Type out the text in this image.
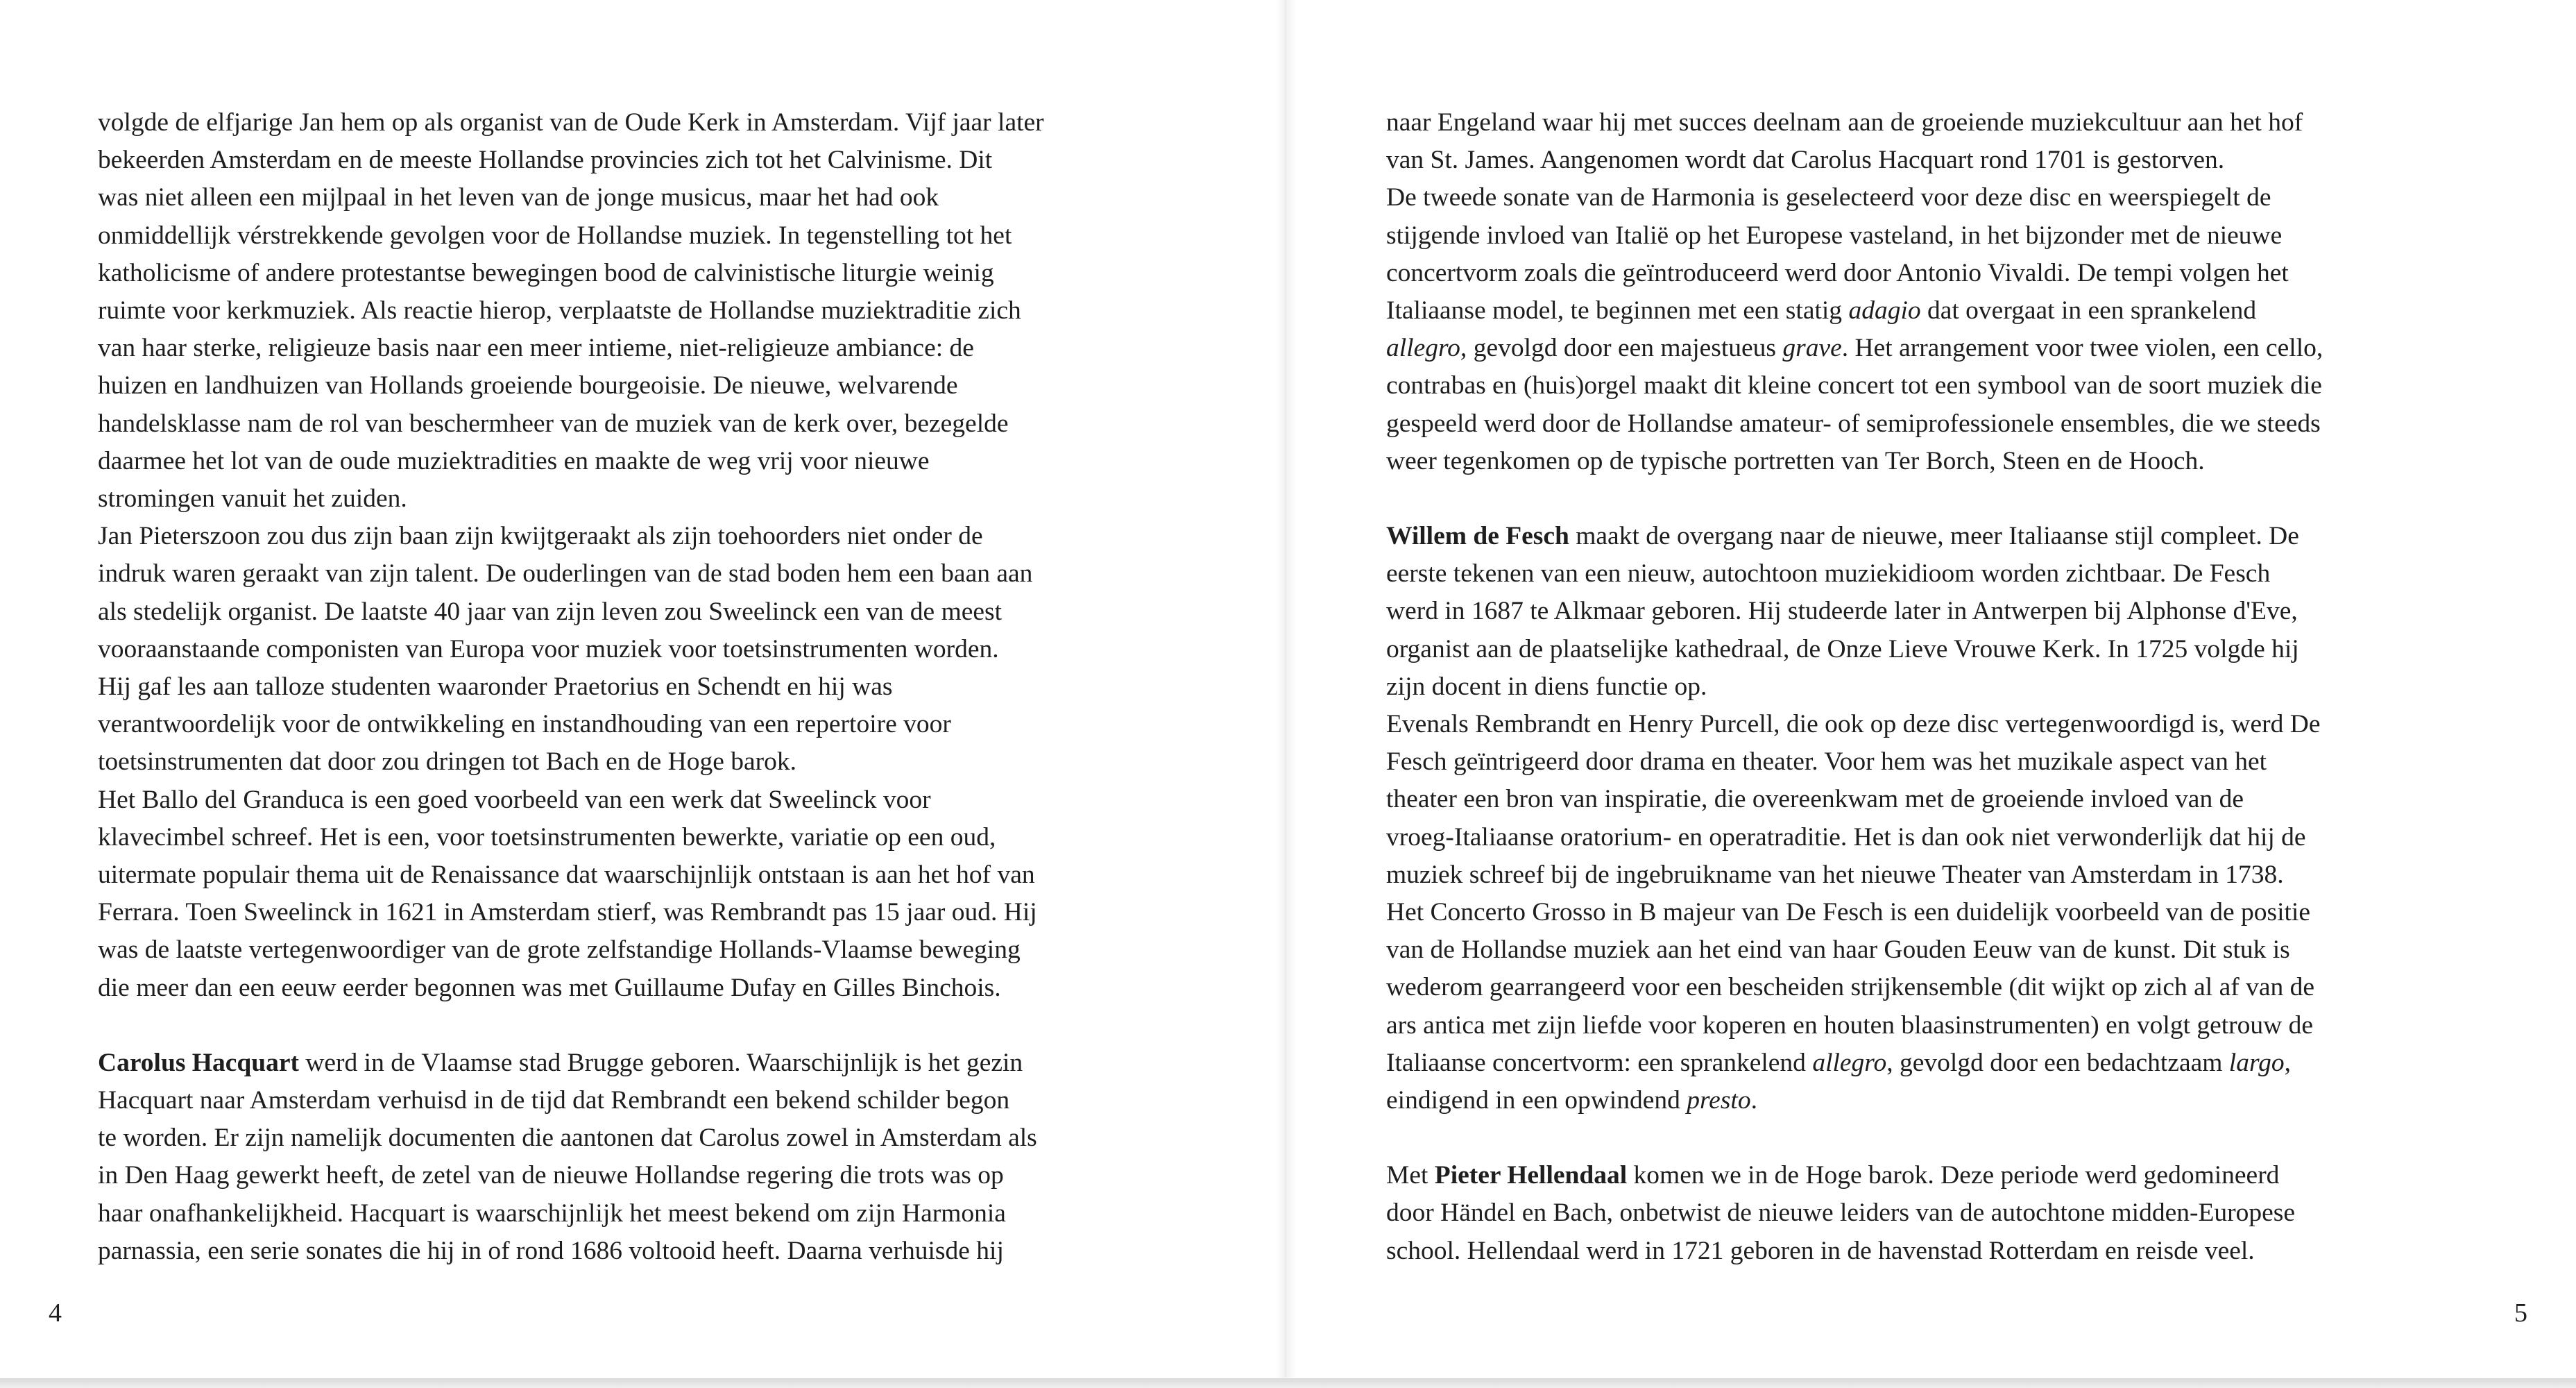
volgde de elfjarige Jan hem op als organist van de Oude Kerk in Amsterdam. Vijf jaar later
bekeerden Amsterdam en de meeste Hollandse provincies zich tot het Calvinisme. Dit
was niet alleen een mijlpaal in het leven van de jonge musicus, maar het had ook
onmiddellijk vérstrekkende gevolgen voor de Hollandse muziek. In tegenstelling tot het
katholicisme of andere protestantse bewegingen bood de calvinistische liturgie weinig
ruimte voor kerkmuziek. Als reactie hierop, verplaatste de Hollandse muziektraditie zich
van haar sterke, religieuze basis naar een meer intieme, niet-religieuze ambiance: de
huizen en landhuizen van Hollands groeiende bourgeoisie. De nieuwe, welvarende
handelsklasse nam de rol van beschermheer van de muziek van de kerk over, bezegelde
daarmee het lot van de oude muziektradities en maakte de weg vrij voor nieuwe
stromingen vanuit het zuiden.

Jan Pieterszoon zou dus zijn baan zijn kwijtgeraakt als zijn toehoorders niet onder de
indruk waren geraakt van zijn talent. De ouderlingen van de stad boden hem een baan aan
als stedelijk organist. De laatste 40 jaar van zijn leven zou Sweelinck een van de meest
vooraanstaande componisten van Europa voor muziek voor toetsinstrumenten worden.
Hij gaf les aan talloze studenten waaronder Praetorius en Schendt en hij was
verantwoordelijk voor de ontwikkeling en instandhouding van een repertoire voor
toetsinstrumenten dat door zou dringen tot Bach en de Hoge barok.

Het Ballo del Granduca is een goed voorbeeld van een werk dat Sweelinck voor
klavecimbel schreef. Het is een, voor toetsinstrumenten bewerkte, variatie op een oud,
uitermate populair thema uit de Renaissance dat waarschijnlijk ontstaan is aan het hof van
Ferrara. Toen Sweelinck in 1621 in Amsterdam stierf, was Rembrandt pas 15 jaar oud. Hij
was de laatste vertegenwoordiger van de grote zelfstandige Hollands-Vlaamse beweging
die meer dan een eeuw eerder begonnen was met Guillaume Dufay en Gilles Binchois.

Carolus Hacquart werd in de Vlaamse stad Brugge geboren. Waarschijnlijk is het gezin
Hacquart naar Amsterdam verhuisd in de tijd dat Rembrandt een bekend schilder begon
te worden. Er zijn namelijk documenten die aantonen dat Carolus zowel in Amsterdam als
in Den Haag gewerkt heeft, de zetel van de nieuwe Hollandse regering die trots was op
haar onafhankelijkheid. Hacquart is waarschijnlijk het meest bekend om zijn Harmonia
parnassia, een serie sonates die hij in of rond 1686 voltooid heeft. Daarna verhuisde hij

4

naar Engeland waar hij met succes deelnam aan de groeiende muziekcultuur aan het hof
van St. James. Aangenomen wordt dat Carolus Hacquart rond 1701 is gestorven.

De tweede sonate van de Harmonia is geselecteerd voor deze disc en weerspiegelt de
stijgende invloed van Italië op het Europese vasteland, in het bijzonder met de nieuwe
concertvorm zoals die geïntroduceerd werd door Antonio Vivaldi. De tempi volgen het
Italiaanse model, te beginnen met een statig adagio dat overgaat in een sprankelend
allegro, gevolgd door een majestueus grave. Het arrangement voor twee violen, een cello,
contrabas en (huis)orgel maakt dit kleine concert tot een symbool van de soort muziek die
gespeeld werd door de Hollandse amateur- of semiprofessionele ensembles, die we steeds
weer tegenkomen op de typische portretten van Ter Borch, Steen en de Hooch.

Willem de Fesch maakt de overgang naar de nieuwe, meer Italiaanse stijl compleet. De
eerste tekenen van een nieuw, autochtoon muziekidioom worden zichtbaar. De Fesch
werd in 1687 te Alkmaar geboren. Hij studeerde later in Antwerpen bij Alphonse d'Eve,
organist aan de plaatselijke kathedraal, de Onze Lieve Vrouwe Kerk. In 1725 volgde hij
zijn docent in diens functie op.

Evenals Rembrandt en Henry Purcell, die ook op deze disc vertegenwoordigd is, werd De
Fesch geïntrigeerd door drama en theater. Voor hem was het muzikale aspect van het
theater een bron van inspiratie, die overeenkwam met de groeiende invloed van de
vroeg-Italiaanse oratorium- en operatraditie. Het is dan ook niet verwonderlijk dat hij de
muziek schreef bij de ingebruikname van het nieuwe Theater van Amsterdam in 1738.

Het Concerto Grosso in B majeur van De Fesch is een duidelijk voorbeeld van de positie
van de Hollandse muziek aan het eind van haar Gouden Eeuw van de kunst. Dit stuk is
wederom gearrangeerd voor een bescheiden strijkensemble (dit wijkt op zich al af van de
ars antica met zijn liefde voor koperen en houten blaasinstrumenten) en volgt getrouw de
Italiaanse concertvorm: een sprankelend allegro, gevolgd door een bedachtzaam largo,
eindigend in een opwindend presto.

Met Pieter Hellendaal komen we in de Hoge barok. Deze periode werd gedomineerd
door Händel en Bach, onbetwist de nieuwe leiders van de autochtone midden-Europese
school. Hellendaal werd in 1721 geboren in de havenstad Rotterdam en reisde veel.

5
